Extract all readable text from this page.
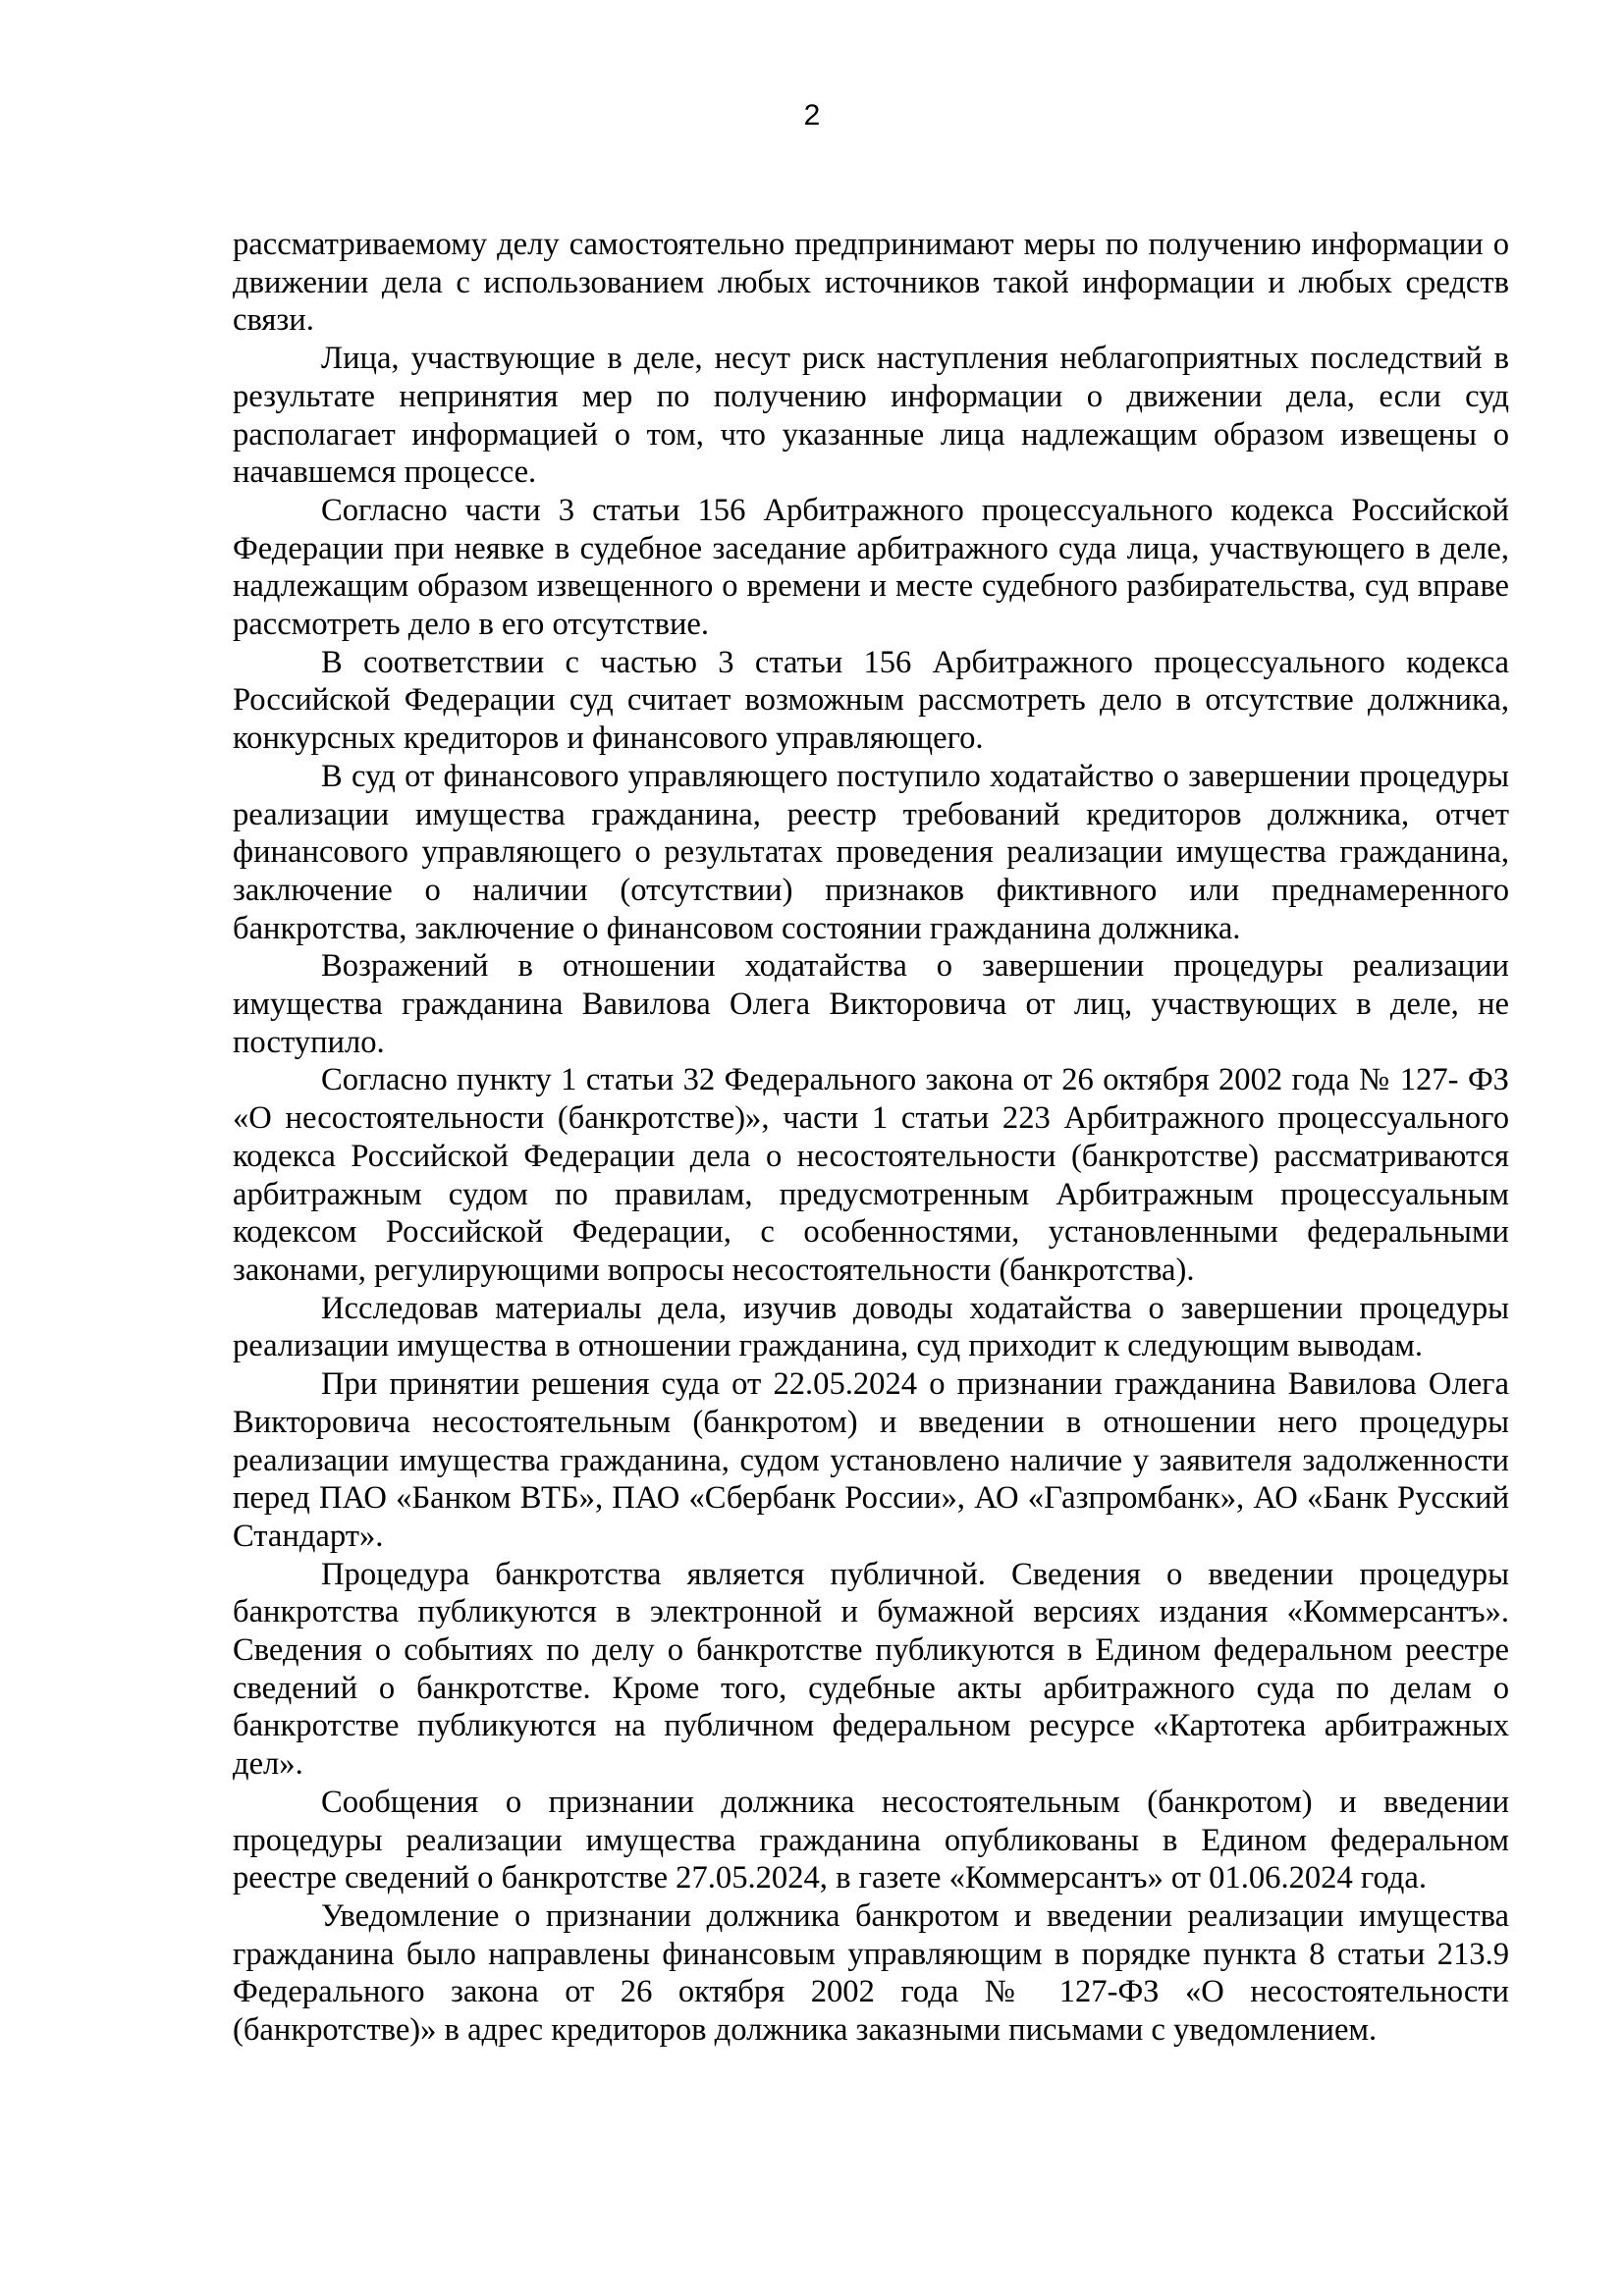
2

рассматриваемому делу самостоятельно предпринимают меры по получению информации о движении дела с использованием любых источников такой информации и любых средств связи.

Лица, участвующие в деле, несут риск наступления неблагоприятных последствий в результате непринятия мер по получению информации о движении дела, если суд располагает информацией о том, что указанные лица надлежащим образом извещены о начавшемся процессе.

Согласно части 3 статьи 156 Арбитражного процессуального кодекса Российской Федерации при неявке в судебное заседание арбитражного суда лица, участвующего в деле, надлежащим образом извещенного о времени и месте судебного разбирательства, суд вправе рассмотреть дело в его отсутствие.

В соответствии с частью 3 статьи 156 Арбитражного процессуального кодекса Российской Федерации суд считает возможным рассмотреть дело в отсутствие должника, конкурсных кредиторов и финансового управляющего.

В суд от финансового управляющего поступило ходатайство о завершении процедуры реализации имущества гражданина, реестр требований кредиторов должника, отчет финансового управляющего о результатах проведения реализации имущества гражданина, заключение о наличии (отсутствии) признаков фиктивного или преднамеренного банкротства, заключение о финансовом состоянии гражданина должника.

Возражений в отношении ходатайства о завершении процедуры реализации имущества гражданина Вавилова Олега Викторовича от лиц, участвующих в деле, не поступило.

Согласно пункту 1 статьи 32 Федерального закона от 26 октября 2002 года № 127- ФЗ «О несостоятельности (банкротстве)», части 1 статьи 223 Арбитражного процессуального кодекса Российской Федерации дела о несостоятельности (банкротстве) рассматриваются арбитражным судом по правилам, предусмотренным Арбитражным процессуальным кодексом Российской Федерации, с особенностями, установленными федеральными законами, регулирующими вопросы несостоятельности (банкротства).

Исследовав материалы дела, изучив доводы ходатайства о завершении процедуры реализации имущества в отношении гражданина, суд приходит к следующим выводам.

При принятии решения суда от 22.05.2024 о признании гражданина Вавилова Олега Викторовича несостоятельным (банкротом) и введении в отношении него процедуры реализации имущества гражданина, судом установлено наличие у заявителя задолженности перед ПАО «Банком ВТБ», ПАО «Сбербанк России», АО «Газпромбанк», АО «Банк Русский Стандарт».

Процедура банкротства является публичной. Сведения о введении процедуры банкротства публикуются в электронной и бумажной версиях издания «Коммерсантъ». Сведения о событиях по делу о банкротстве публикуются в Едином федеральном реестре сведений о банкротстве. Кроме того, судебные акты арбитражного суда по делам о банкротстве публикуются на публичном федеральном ресурсе «Картотека арбитражных дел».

Сообщения о признании должника несостоятельным (банкротом) и введении процедуры реализации имущества гражданина опубликованы в Едином федеральном реестре сведений о банкротстве 27.05.2024, в газете «Коммерсантъ» от 01.06.2024 года.

Уведомление о признании должника банкротом и введении реализации имущества гражданина было направлены финансовым управляющим в порядке пункта 8 статьи 213.9 Федерального закона от 26 октября 2002 года № 127-ФЗ «О несостоятельности (банкротстве)» в адрес кредиторов должника заказными письмами с уведомлением.
